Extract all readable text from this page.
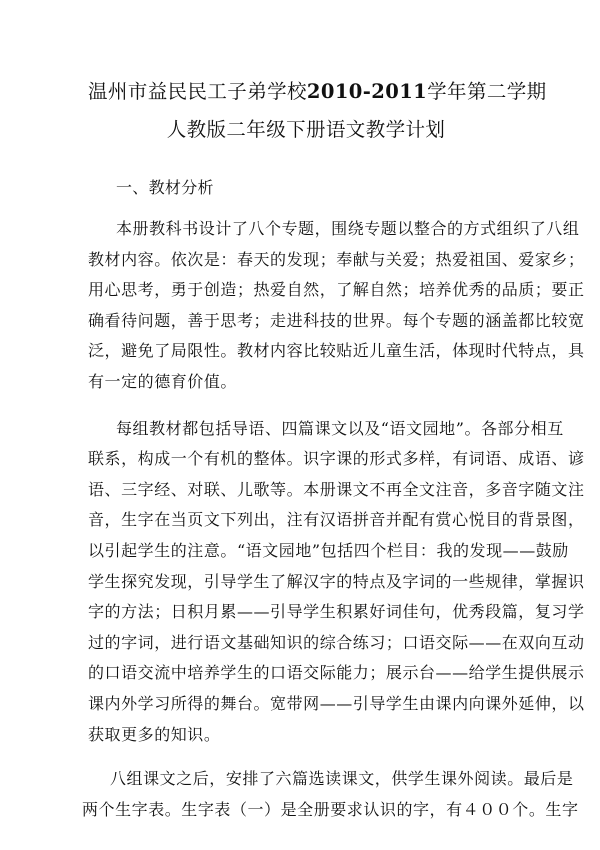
温州市益民民工子弟学校2010-2011学年第二学期
人教版二年级下册语文教学计划
一、教材分析

本册教科书设计了八个专题，围绕专题以整合的方式组织了八组
教材内容。依次是：春天的发现；奉献与关爱；热爱祖国、爱家乡；
用心思考，勇于创造；热爱自然，了解自然；培养优秀的品质；要正
确看待问题，善于思考；走进科技的世界。每个专题的涵盖都比较宽
泛，避免了局限性。教材内容比较贴近儿童生活，体现时代特点，具
有一定的德育价值。

每组教材都包括导语、四篇课文以及“语文园地”。各部分相互
联系，构成一个有机的整体。识字课的形式多样，有词语、成语、谚
语、三字经、对联、儿歌等。本册课文不再全文注音，多音字随文注
音，生字在当页文下列出，注有汉语拼音并配有赏心悦目的背景图，
以引起学生的注意。“语文园地”包括四个栏目：我的发现——鼓励
学生探究发现，引导学生了解汉字的特点及字词的一些规律，掌握识
字的方法；日积月累——引导学生积累好词佳句，优秀段篇，复习学
过的字词，进行语文基础知识的综合练习；口语交际——在双向互动
的口语交流中培养学生的口语交际能力；展示台——给学生提供展示
课内外学习所得的舞台。宽带网——引导学生由课内向课外延伸，以
获取更多的知识。

八组课文之后，安排了六篇选读课文，供学生课外阅读。最后是
两个生字表。生字表（一）是全册要求认识的字，有４００个。生字
